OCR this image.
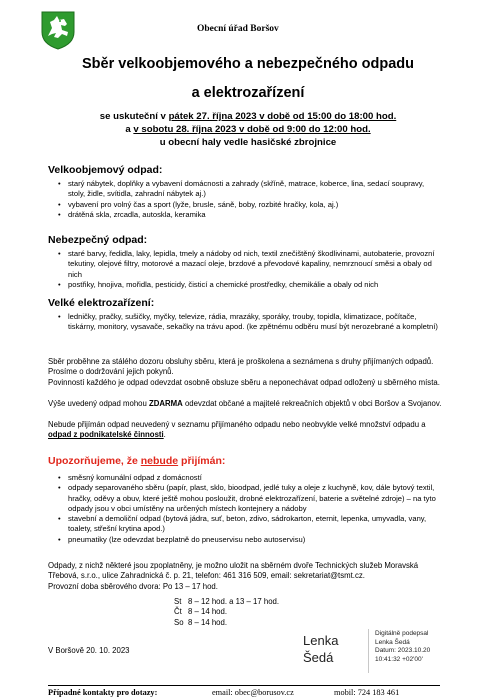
Obecní úřad Boršov
Sběr velkoobjemového a nebezpečného odpadu
a elektrozařízení
se uskuteční v pátek 27. října 2023 v době od 15:00 do 18:00 hod.
a v sobotu 28. října 2023 v době od 9:00 do 12:00 hod.
u obecní haly vedle hasičské zbrojnice
Velkoobjemový odpad:
• starý nábytek, doplňky a vybavení domácnosti a zahrady (skříně, matrace, koberce, lina, sedací soupravy, stoly, židle, svítidla, zahradní nábytek aj.)
• vybavení pro volný čas a sport (lyže, brusle, sáně, boby, rozbité hračky, kola, aj.)
• drátěná skla, zrcadla, autoskla, keramika
Nebezpečný odpad:
• staré barvy, ředidla, laky, lepidla, tmely a nádoby od nich, textil znečištěný škodlivinami, autobaterie, provozní tekutiny, olejové filtry, motorové a mazací oleje, brzdové a převodové kapaliny, nemrznoucí směsi a obaly od nich
• postřiky, hnojiva, mořidla, pesticidy, čisticí a chemické prostředky, chemikálie a obaly od nich
Velké elektrozařízení:
• ledničky, pračky, sušičky, myčky, televize, rádia, mrazáky, sporáky, trouby, topidla, klimatizace, počítače, tiskárny, monitory, vysavače, sekačky na trávu apod. (ke zpětnému odběru musí být nerozebrané a kompletní)
Sběr proběhne za stálého dozoru obsluhy sběru, která je proškolena a seznámena s druhy přijímaných odpadů. Prosíme o dodržování jejich pokynů.
Povinností každého je odpad odevzdat osobně obsluze sběru a neponechávat odpad odložený u sběrného místa.
Výše uvedený odpad mohou ZDARMA odevzdat občané a majitelé rekreačních objektů v obci Boršov a Svojanov.
Nebude přijímán odpad neuvedený v seznamu přijímaného odpadu nebo neobvykle velké množství odpadu a odpad z podnikatelské činnosti.
Upozorňujeme, že nebude přijímán:
• směsný komunální odpad z domácností
• odpady separovaného sběru (papír, plast, sklo, bioodpad, jedlé tuky a oleje z kuchyně, kov, dále bytový textil, hračky, oděvy a obuv, které ještě mohou posloužit, drobné elektrozařízení, baterie a světelné zdroje) – na tyto odpady jsou v obci umístěny na určených místech kontejnery a nádoby
• stavební a demoliční odpad (bytová jádra, suť, beton, zdivo, sádrokarton, eternit, lepenka, umyvadla, vany, toalety, střešní krytina apod.)
• pneumatiky (lze odevzdat bezplatně do pneuservisu nebo autoservisu)
Odpady, z nichž některé jsou zpoplatněny, je možno uložit na sběrném dvoře Technických služeb Moravská Třebová, s.r.o., ulice Zahradnická č. p. 21, telefon: 461 316 509, email: sekretariat@tsmt.cz.
Provozní doba sběrového dvora: Po 13 – 17 hod.
St 8 – 12 hod. a 13 – 17 hod.
Čt 8 – 14 hod.
So 8 – 14 hod.
V Boršově 20. 10. 2023
Lenka
Šedá
Digitálně podepsal
Lenka Šedá
Datum: 2023.10.20
10:41:32 +02'00'
Případné kontakty pro dotazy:	email: obec@borusov.cz	mobil: 724 183 461
